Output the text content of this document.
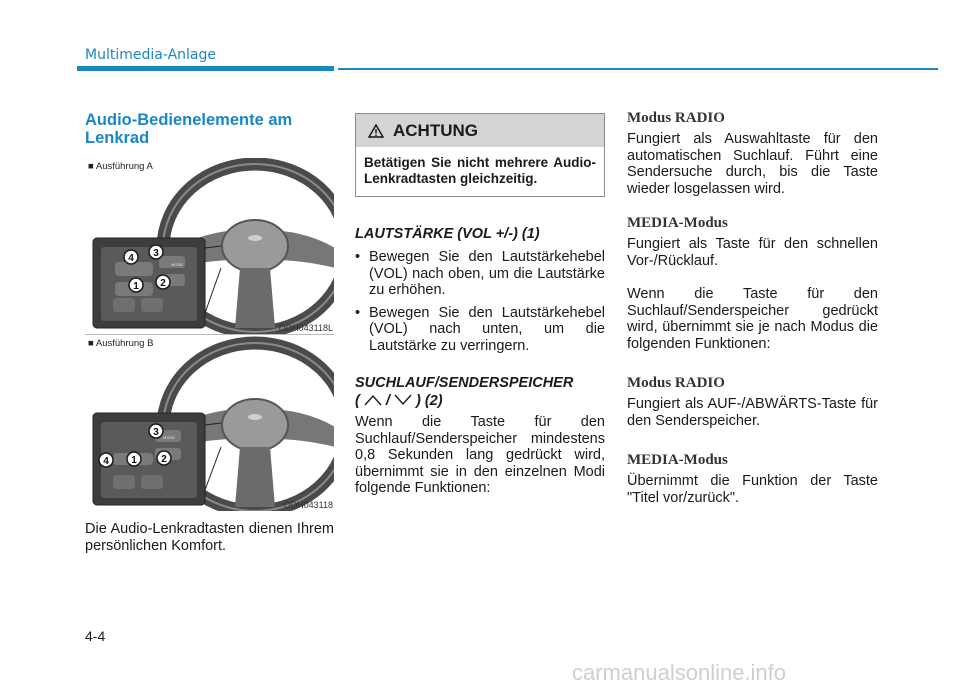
Multimedia-Anlage
Audio-Bedienelemente am Lenkrad
MODE
1 2
3
4
■ Ausführung A
ODH043118L
MODE
1 2
3
4
■ Ausführung B
ODH043118
Die Audio-Lenkradtasten dienen Ihrem persönlichen Komfort.
ACHTUNG
Betätigen Sie nicht mehrere Audio-Lenkradtasten gleichzeitig.
LAUTSTÄRKE (VOL +/-) (1)
• Bewegen Sie den Lautstärkehebel (VOL) nach oben, um die Lautstärke zu erhöhen.
• Bewegen Sie den Lautstärkehebel (VOL) nach unten, um die Lautstärke zu verringern.
SUCHLAUF/SENDERSPEICHER
( / ) (2)
Wenn die Taste für den Suchlauf/Senderspeicher mindestens 0,8 Sekunden lang gedrückt wird, übernimmt sie in den einzelnen Modi folgende Funktionen:
Modus RADIO
Fungiert als Auswahltaste für den automatischen Suchlauf. Führt eine Sendersuche durch, bis die Taste wieder losgelassen wird.
MEDIA-Modus
Fungiert als Taste für den schnellen Vor-/Rücklauf.
Wenn die Taste für den Suchlauf/Senderspeicher gedrückt wird, übernimmt sie je nach Modus die folgenden Funktionen:
Modus RADIO
Fungiert als AUF-/ABWÄRTS-Taste für den Senderspeicher.
MEDIA-Modus
Übernimmt die Funktion der Taste "Titel vor/zurück".
4-4
carmanualsonline.info
